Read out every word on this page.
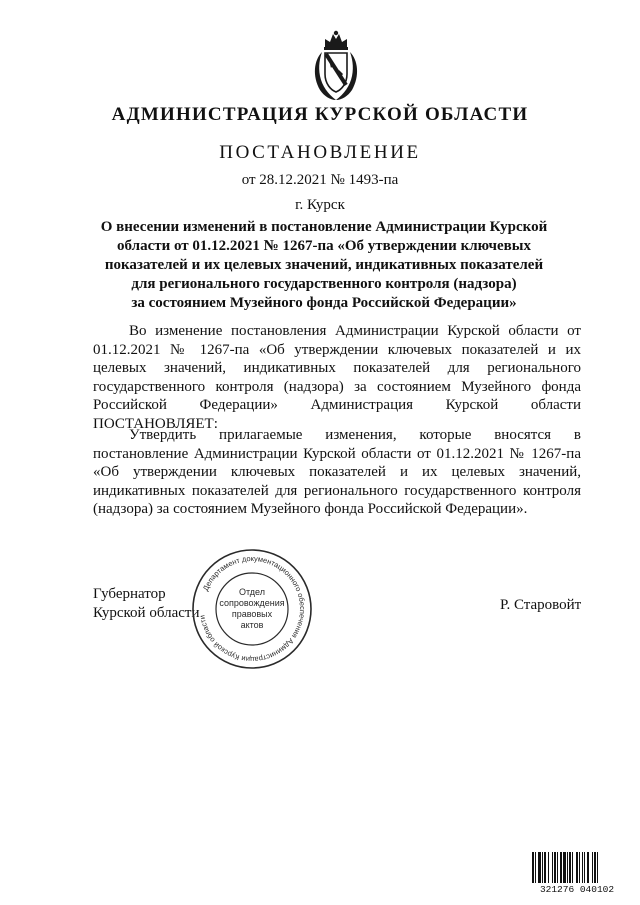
АДМИНИСТРАЦИЯ КУРСКОЙ ОБЛАСТИ
ПОСТАНОВЛЕНИЕ
от 28.12.2021 № 1493-па
г. Курск
О внесении изменений в постановление Администрации Курской
области от 01.12.2021 № 1267-па «Об утверждении ключевых
показателей и их целевых значений, индикативных показателей
для регионального государственного контроля (надзора)
за состоянием Музейного фонда Российской Федерации»
Во изменение постановления Администрации Курской области от
01.12.2021 № 1267-па «Об утверждении ключевых показателей и их
целевых значений, индикативных показателей для регионального
государственного контроля (надзора) за состоянием Музейного фонда
Российской Федерации» Администрация Курской области
ПОСТАНОВЛЯЕТ:
Утвердить прилагаемые изменения, которые вносятся в
постановление Администрации Курской области от 01.12.2021 № 1267-па
«Об утверждении ключевых показателей и их целевых значений,
индикативных показателей для регионального государственного контроля
(надзора) за состоянием Музейного фонда Российской Федерации».
Губернатор
Курской области	Р. Старовойт
Департамент документационного обеспечения Администрации Курской области
Отдел
сопровождения
правовых
актов
321276 040102
